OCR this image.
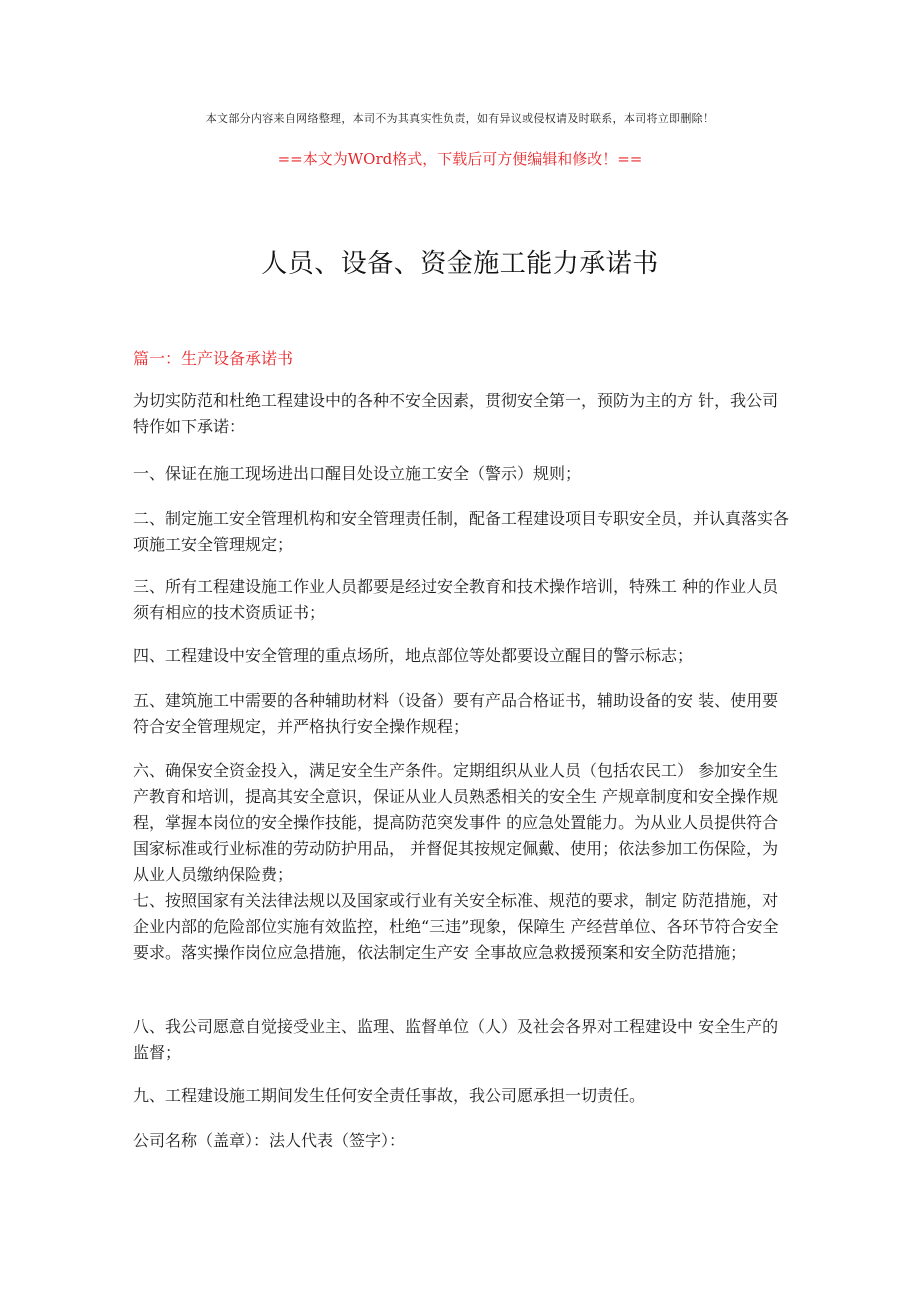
本文部分内容来自网络整理，本司不为其真实性负责，如有异议或侵权请及时联系，本司将立即删除！
==本文为WOrd格式，下载后可方便编辑和修改！==
人员、设备、资金施工能力承诺书
篇一：生产设备承诺书

为切实防范和杜绝工程建设中的各种不安全因素，贯彻安全第一，预防为主的方 针，我公司特作如下承诺：

一、保证在施工现场进出口醒目处设立施工安全（警示）规则；

二、制定施工安全管理机构和安全管理责任制，配备工程建设项目专职安全员，并认真落实各项施工安全管理规定；

三、所有工程建设施工作业人员都要是经过安全教育和技术操作培训，特殊工 种的作业人员须有相应的技术资质证书；

四、工程建设中安全管理的重点场所，地点部位等处都要设立醒目的警示标志；

五、建筑施工中需要的各种辅助材料（设备）要有产品合格证书，辅助设备的安 装、使用要符合安全管理规定，并严格执行安全操作规程；

六、确保安全资金投入，满足安全生产条件。定期组织从业人员（包括农民工） 参加安全生产教育和培训，提高其安全意识，保证从业人员熟悉相关的安全生 产规章制度和安全操作规程，掌握本岗位的安全操作技能，提高防范突发事件 的应急处置能力。为从业人员提供符合国家标准或行业标准的劳动防护用品， 并督促其按规定佩戴、使用；依法参加工伤保险，为从业人员缴纳保险费；

七、按照国家有关法律法规以及国家或行业有关安全标准、规范的要求，制定 防范措施，对企业内部的危险部位实施有效监控，杜绝“三违”现象，保障生 产经营单位、各环节符合安全要求。落实操作岗位应急措施，依法制定生产安 全事故应急救援预案和安全防范措施；

八、我公司愿意自觉接受业主、监理、监督单位（人）及社会各界对工程建设中 安全生产的监督；

九、工程建设施工期间发生任何安全责任事故，我公司愿承担一切责任。

公司名称（盖章）：法人代表（签字）：
